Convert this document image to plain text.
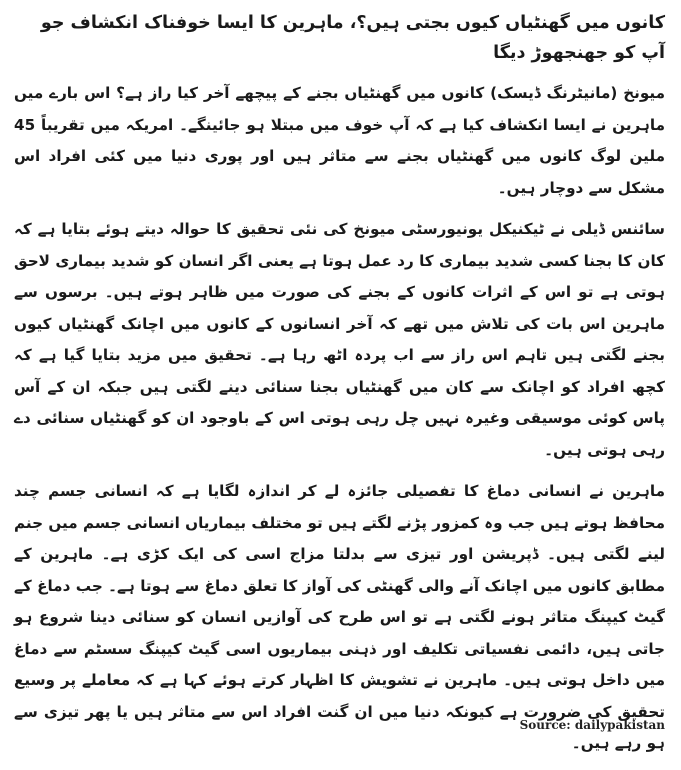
کانوں میں گھنٹیاں کیوں بجتی ہیں؟، ماہرین کا ایسا خوفناک انکشاف جو آپ کو جھنجھوڑ دیگا

میونخ (مانیٹرنگ ڈیسک) کانوں میں گھنٹیاں بجنے کے پیچھے آخر کیا راز ہے؟ اس بارے میں ماہرین نے ایسا انکشاف کیا ہے کہ آپ خوف میں مبتلا ہو جائینگے۔ امریکہ میں تقریباً 45 ملین لوگ کانوں میں گھنٹیاں بجنے سے متاثر ہیں اور پوری دنیا میں کئی افراد اس مشکل سے دوچار ہیں۔

سائنس ڈیلی نے ٹیکنیکل یونیورسٹی میونخ کی نئی تحقیق کا حوالہ دیتے ہوئے بتایا ہے کہ کان کا بجنا کسی شدید بیماری کا رد عمل ہوتا ہے یعنی اگر انسان کو شدید بیماری لاحق ہوتی ہے تو اس کے اثرات کانوں کے بجنے کی صورت میں ظاہر ہوتے ہیں۔ برسوں سے ماہرین اس بات کی تلاش میں تھے کہ آخر انسانوں کے کانوں میں اچانک گھنٹیاں کیوں بجنے لگتی ہیں تاہم اس راز سے اب پردہ اٹھ رہا ہے۔ تحقیق میں مزید بتایا گیا ہے کہ کچھ افراد کو اچانک سے کان میں گھنٹیاں بجنا سنائی دینے لگتی ہیں جبکہ ان کے آس پاس کوئی موسیقی وغیرہ نہیں چل رہی ہوتی اس کے باوجود ان کو گھنٹیاں سنائی دے رہی ہوتی ہیں۔

ماہرین نے انسانی دماغ کا تفصیلی جائزہ لے کر اندازہ لگایا ہے کہ انسانی جسم چند محافظ ہوتے ہیں جب وہ کمزور پڑنے لگتے ہیں تو مختلف بیماریاں انسانی جسم میں جنم لینے لگتی ہیں۔ ڈپریشن اور تیزی سے بدلتا مزاج اسی کی ایک کڑی ہے۔ ماہرین کے مطابق کانوں میں اچانک آنے والی گھنٹی کی آواز کا تعلق دماغ سے ہوتا ہے۔ جب دماغ کے گیٹ کیپنگ متاثر ہونے لگتی ہے تو اس طرح کی آوازیں انسان کو سنائی دینا شروع ہو جاتی ہیں، دائمی نفسیاتی تکلیف اور ذہنی بیماریوں اسی گیٹ کیپنگ سسٹم سے دماغ میں داخل ہوتی ہیں۔ ماہرین نے تشویش کا اظہار کرتے ہوئے کہا ہے کہ معاملے پر وسیع تحقیق کی ضرورت ہے کیونکہ دنیا میں ان گنت افراد اس سے متاثر ہیں یا پھر تیزی سے ہو رہے ہیں۔

Source: dailypakistan
